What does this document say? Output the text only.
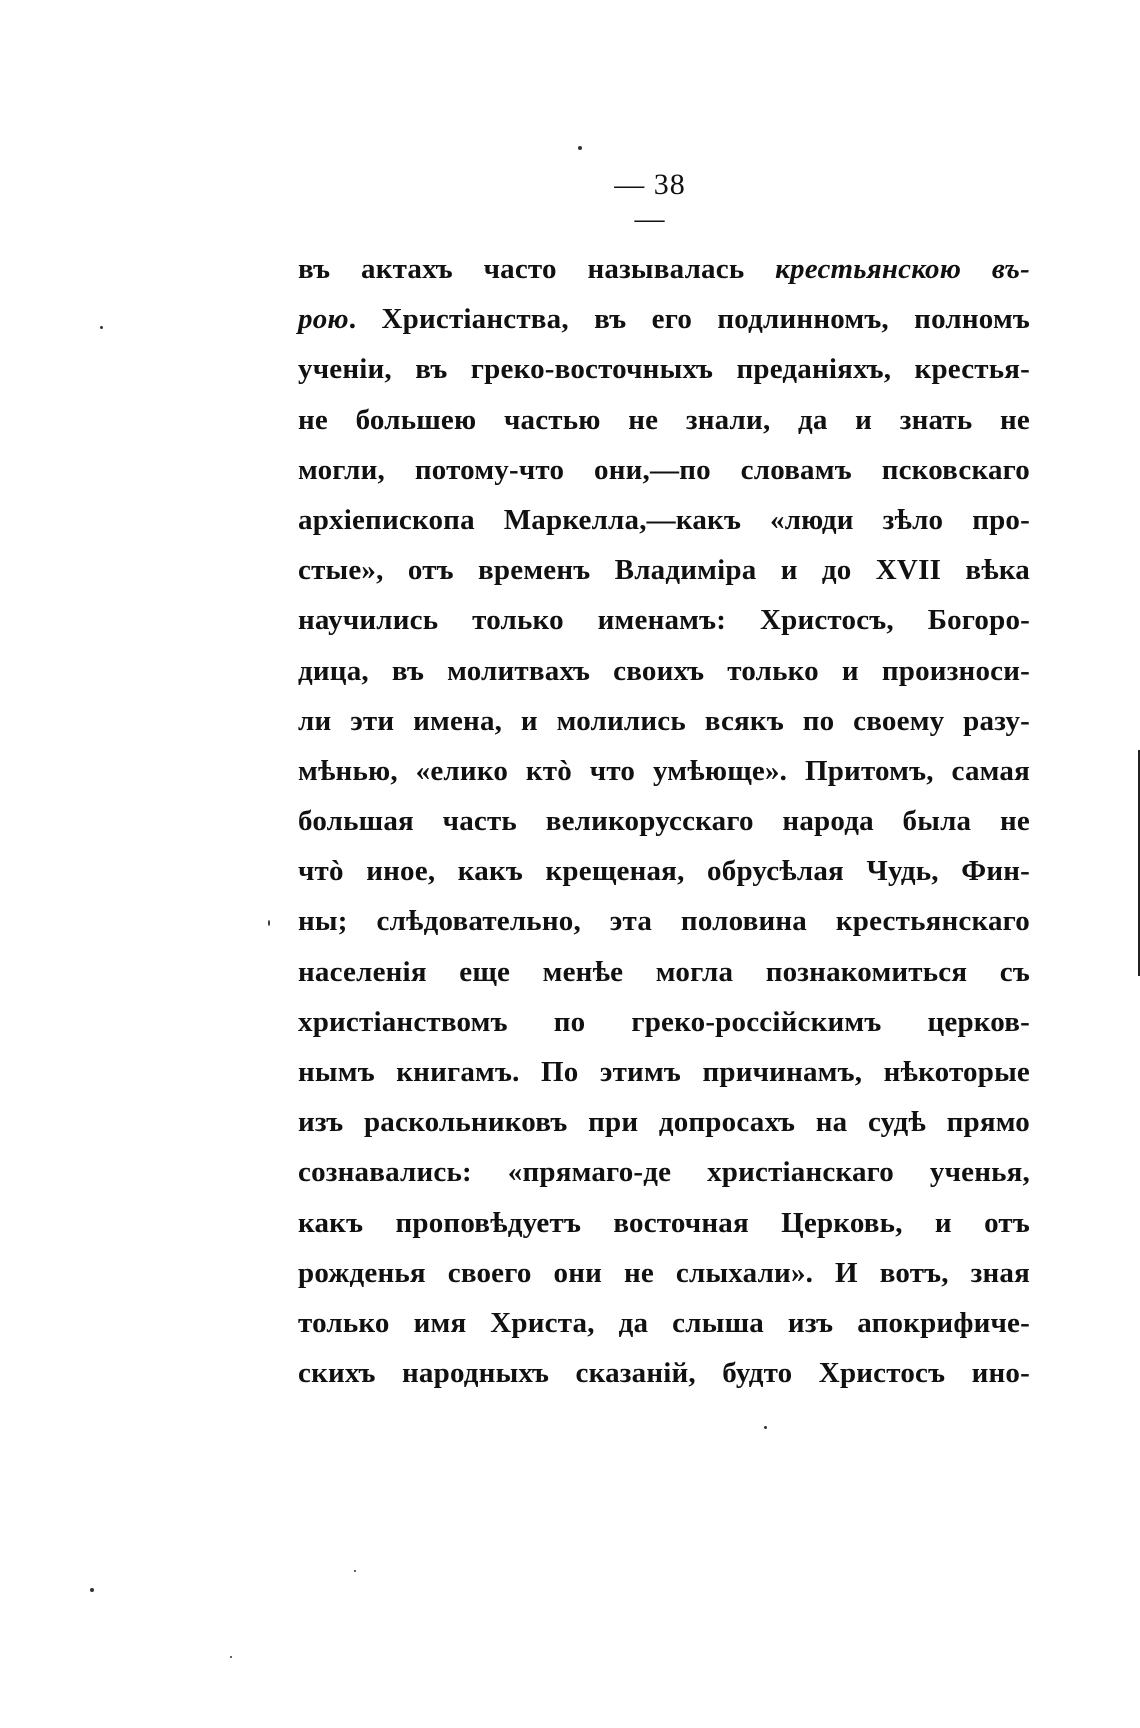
— 38 —
въ актахъ часто называлась крестьянскою въ-
рою. Христіанства, въ его подлинномъ, полномъ
ученіи, въ греко-восточныхъ преданіяхъ, крестья-
не большею частью не знали, да и знать не
могли, потому-что они,—по словамъ псковскаго
архіепископа Маркелла,—какъ «люди зѣло про-
стые», отъ временъ Владиміра и до XVII вѣка
научились только именамъ: Христосъ, Богоро-
дица, въ молитвахъ своихъ только и произноси-
ли эти имена, и молились всякъ по своему разу-
мѣнью, «елико ктò что умѣюще». Притомъ, самая
большая часть великорусскаго народа была не
чтò иное, какъ крещеная, обрусѣлая Чудь, Фин-
ны; слѣдовательно, эта половина крестьянскаго
населенія еще менѣе могла познакомиться съ
христіанствомъ по греко-россійскимъ церков-
нымъ книгамъ. По этимъ причинамъ, нѣкоторые
изъ раскольниковъ при допросахъ на судѣ прямо
сознавались: «прямаго-де христіанскаго ученья,
какъ проповѣдуетъ восточная Церковь, и отъ
рожденья своего они не слыхали». И вотъ, зная
только имя Христа, да слыша изъ апокрифиче-
скихъ народныхъ сказаній, будто Христосъ ино-
